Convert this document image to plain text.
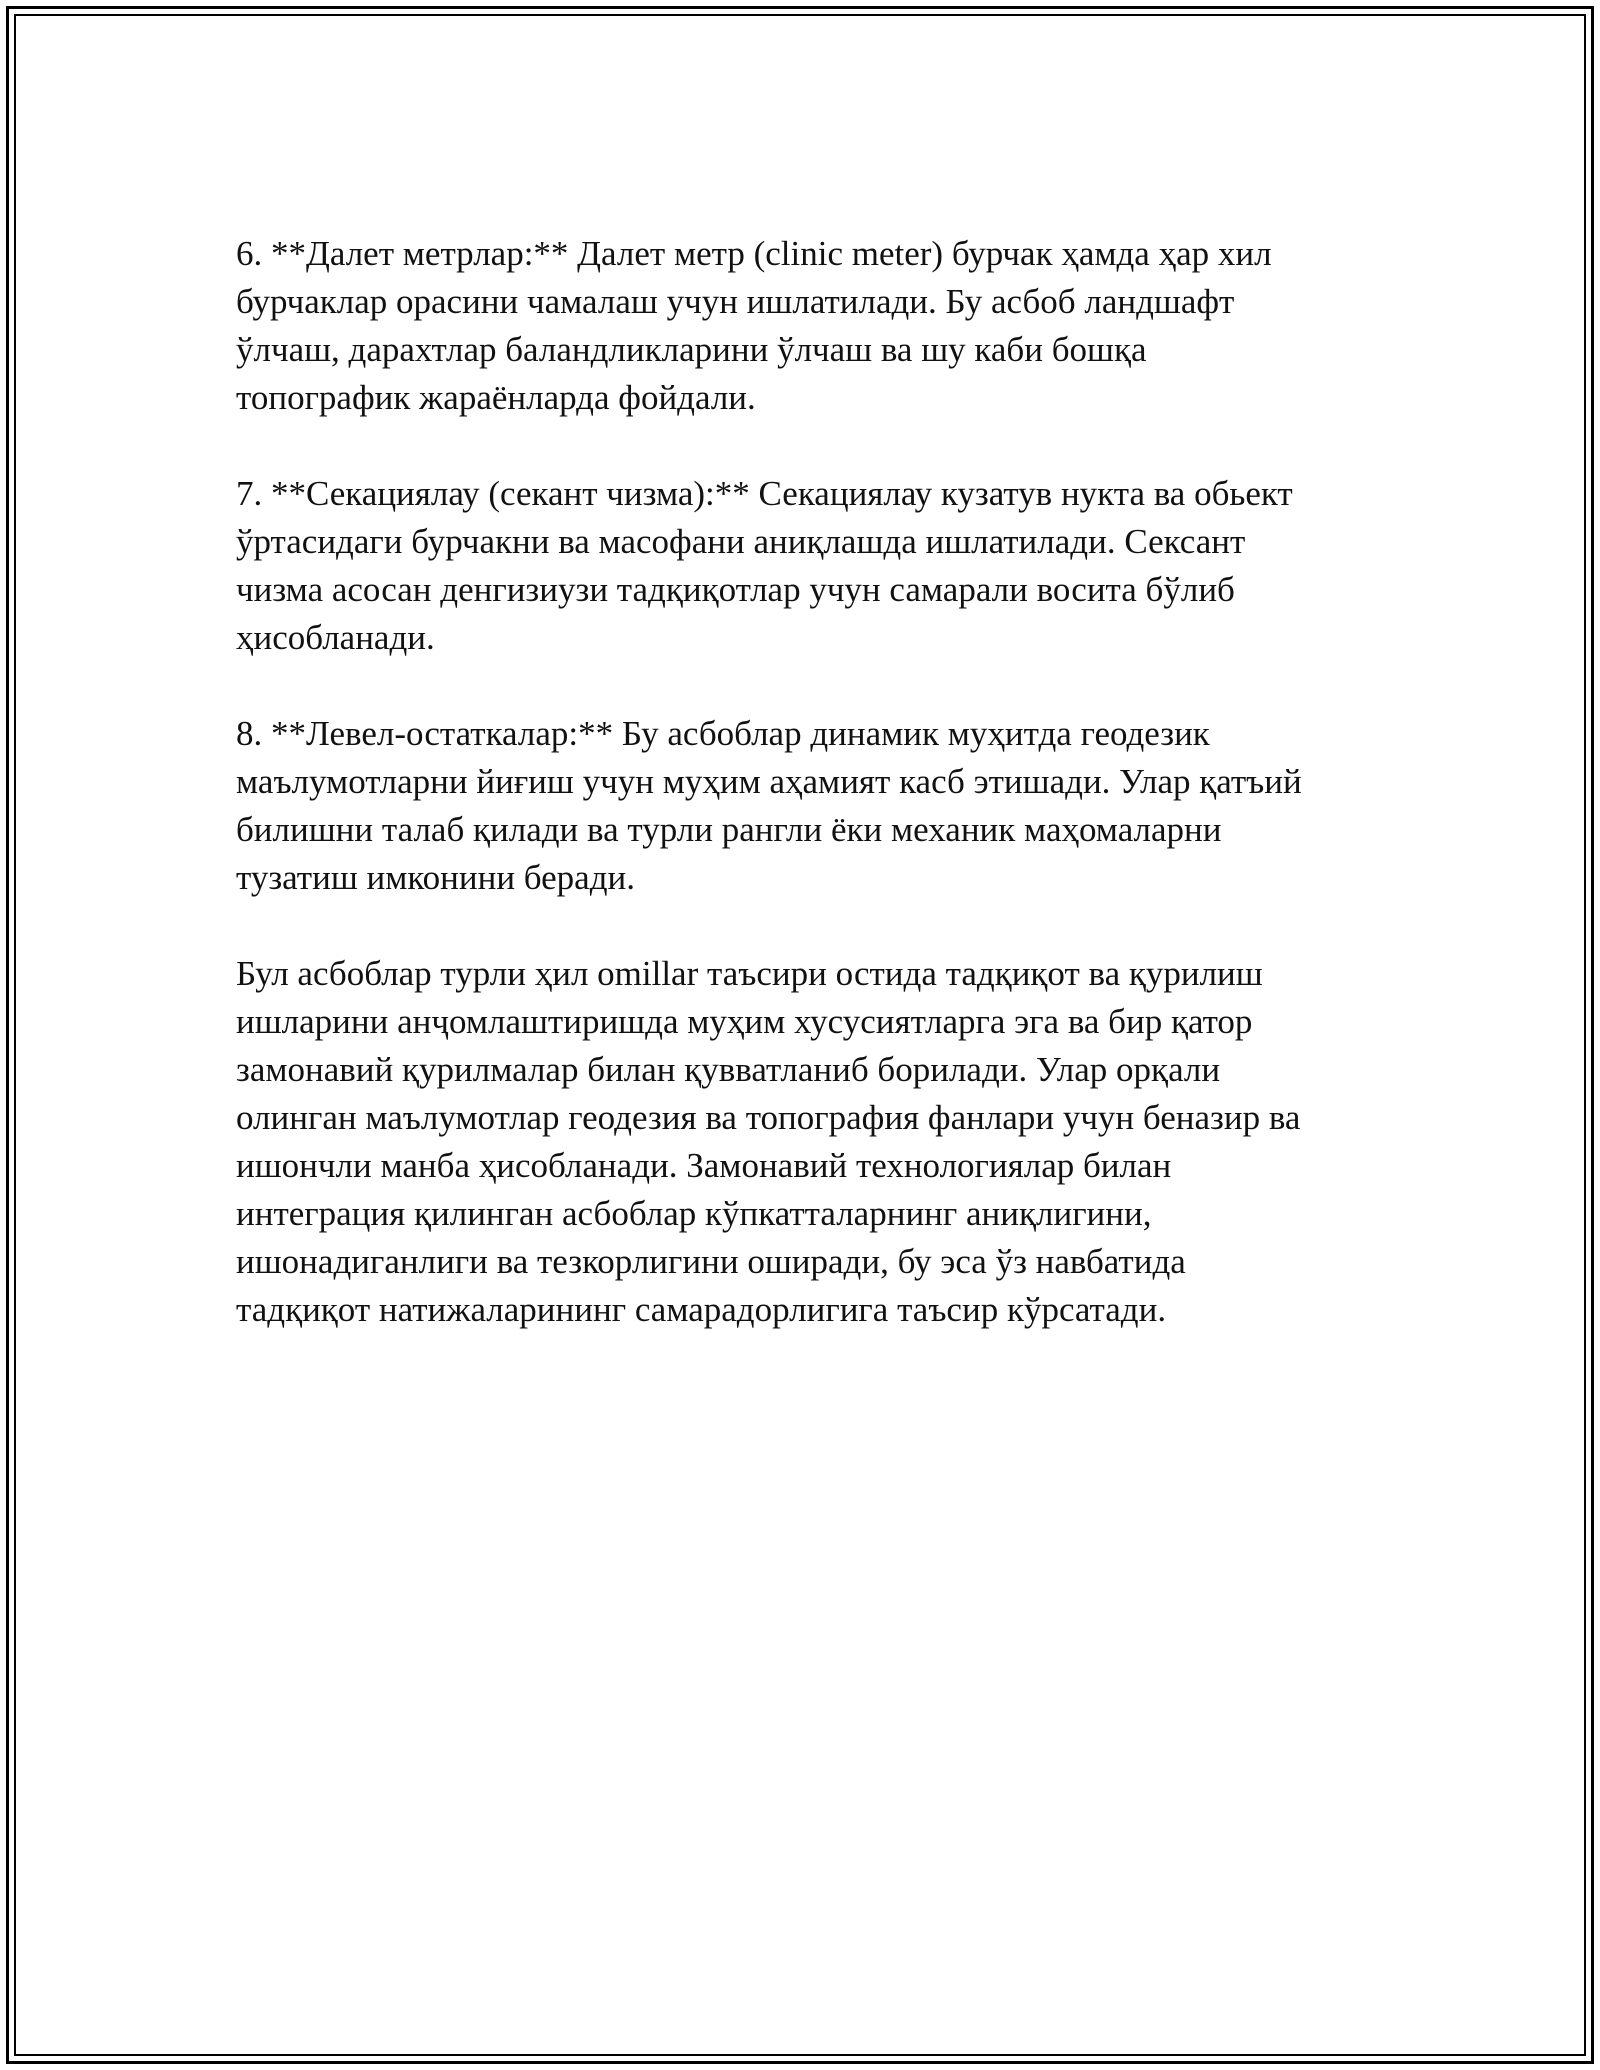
6. **Далет метрлар:** Далет метр (clinic meter) бурчак ҳамда ҳар хил
бурчаклар орасини чамалаш учун ишлатилади. Бу асбоб ландшафт
ўлчаш, дарахтлар баландликларини ўлчаш ва шу каби бошқа
топографик жараёнларда фойдали.

7. **Секациялау (секант чизма):** Секациялау кузатув нукта ва обьект
ўртасидаги бурчакни ва масофани аниқлашда ишлатилади. Сексант
чизма асосан денгизиузи тадқиқотлар учун самарали восита бўлиб
ҳисобланади.

8. **Левел-остаткалар:** Бу асбоблар динамик муҳитда геодезик
маълумотларни йиғиш учун муҳим аҳамият касб этишади. Улар қатъий
билишни талаб қилади ва турли рангли ёки механик маҳомаларни
тузатиш имконини беради.

Бул асбоблар турли ҳил omillar таъсири остида тадқиқот ва қурилиш
ишларини анҷомлаштиришда муҳим хусусиятларга эга ва бир қатор
замонавий қурилмалар билан қувватланиб борилади. Улар орқали
олинган маълумотлар геодезия ва топография фанлари учун беназир ва
ишончли манба ҳисобланади. Замонавий технологиялар билан
интеграция қилинган асбоблар кўпкатталарнинг аниқлигини,
ишонадиганлиги ва тезкорлигини оширади, бу эса ўз навбатида
тадқиқот натижаларининг самарадорлигига таъсир кўрсатади.
